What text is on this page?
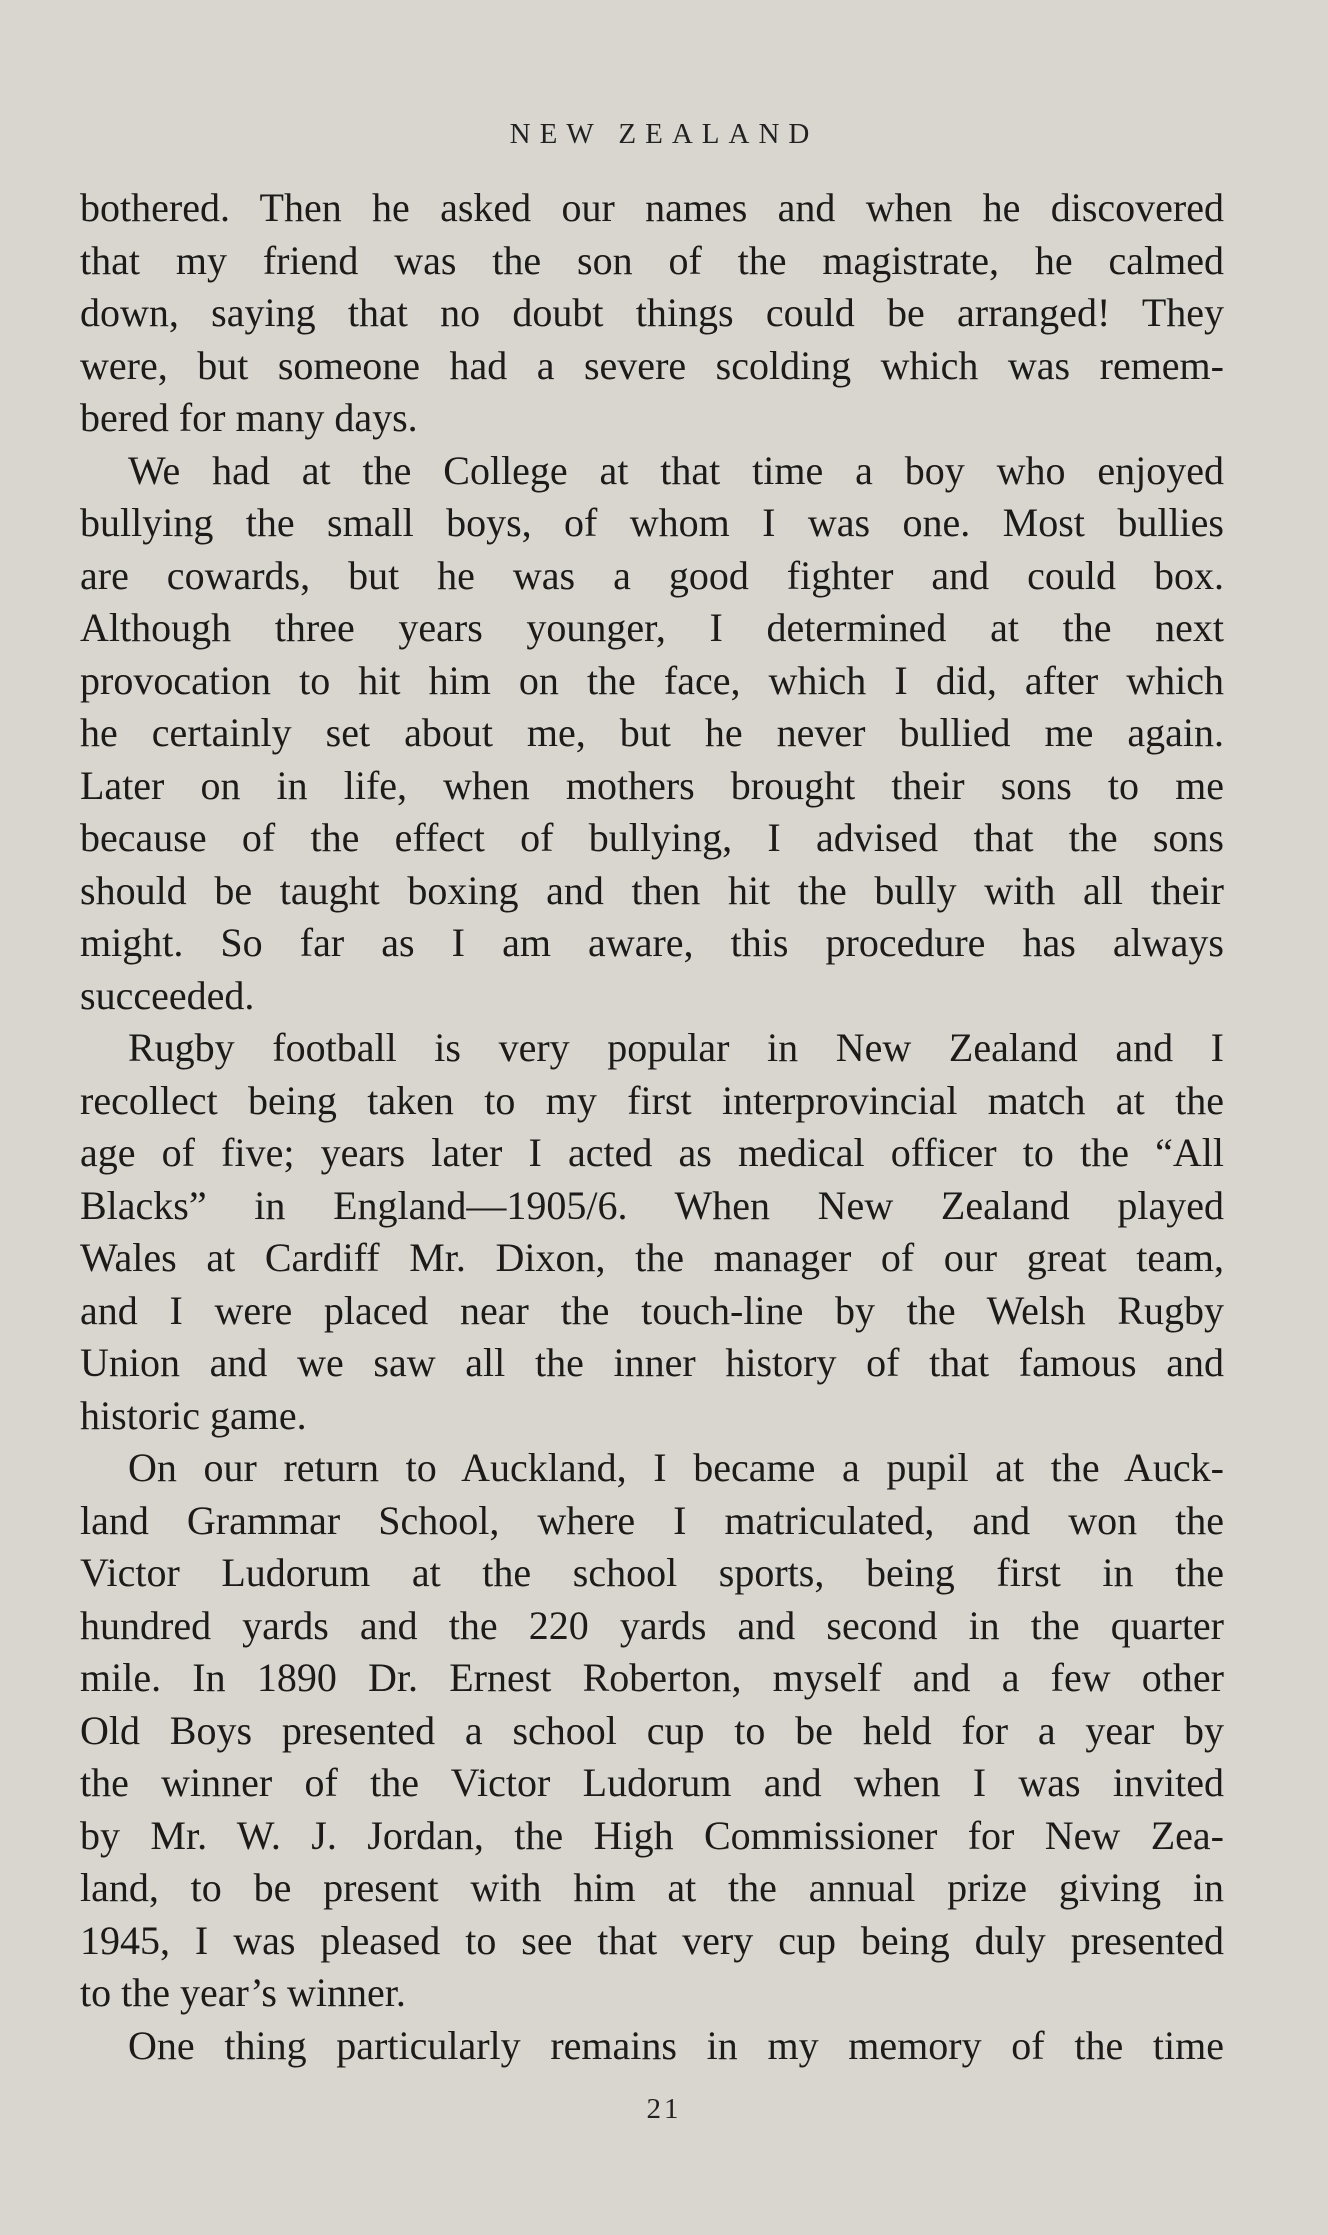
NEW ZEALAND
bothered. Then he asked our names and when he discovered
that my friend was the son of the magistrate, he calmed
down, saying that no doubt things could be arranged! They
were, but someone had a severe scolding which was remem-
bered for many days.
We had at the College at that time a boy who enjoyed
bullying the small boys, of whom I was one. Most bullies
are cowards, but he was a good fighter and could box.
Although three years younger, I determined at the next
provocation to hit him on the face, which I did, after which
he certainly set about me, but he never bullied me again.
Later on in life, when mothers brought their sons to me
because of the effect of bullying, I advised that the sons
should be taught boxing and then hit the bully with all their
might. So far as I am aware, this procedure has always
succeeded.
Rugby football is very popular in New Zealand and I
recollect being taken to my first interprovincial match at the
age of five; years later I acted as medical officer to the “All
Blacks” in England—1905/6. When New Zealand played
Wales at Cardiff Mr. Dixon, the manager of our great team,
and I were placed near the touch-line by the Welsh Rugby
Union and we saw all the inner history of that famous and
historic game.
On our return to Auckland, I became a pupil at the Auck-
land Grammar School, where I matriculated, and won the
Victor Ludorum at the school sports, being first in the
hundred yards and the 220 yards and second in the quarter
mile. In 1890 Dr. Ernest Roberton, myself and a few other
Old Boys presented a school cup to be held for a year by
the winner of the Victor Ludorum and when I was invited
by Mr. W. J. Jordan, the High Commissioner for New Zea-
land, to be present with him at the annual prize giving in
1945, I was pleased to see that very cup being duly presented
to the year’s winner.
One thing particularly remains in my memory of the time
21
